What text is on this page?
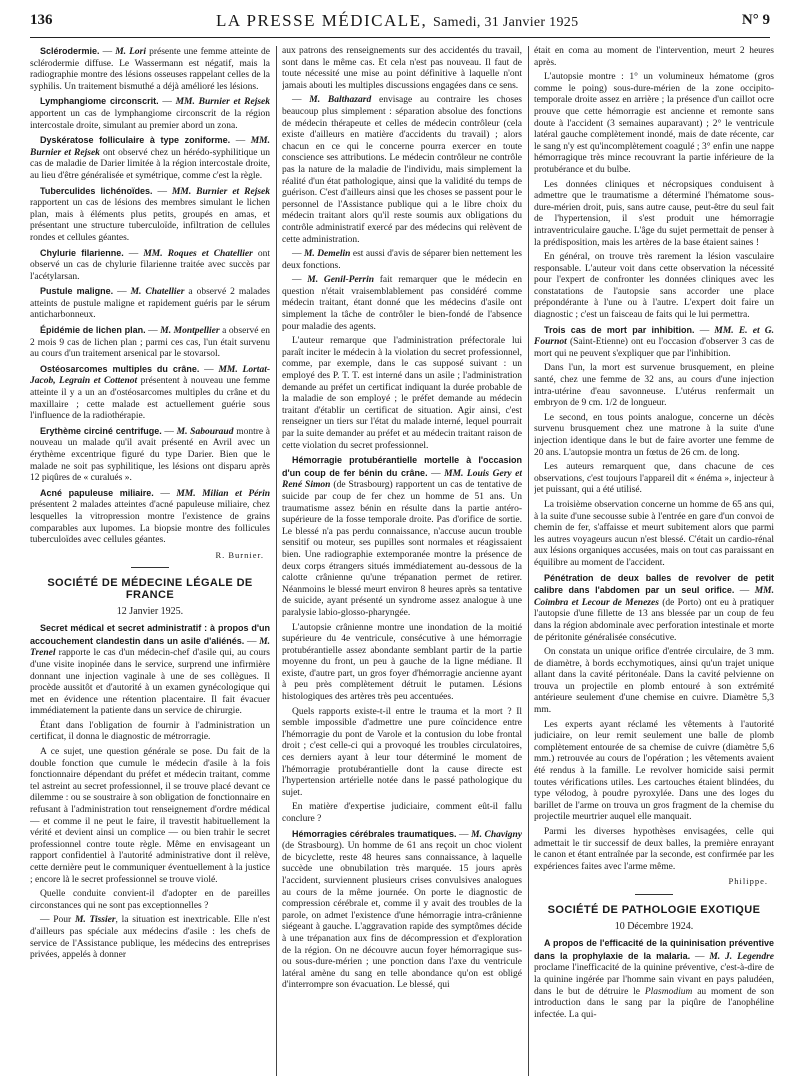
136	LA PRESSE MÉDICALE, Samedi, 31 Janvier 1925	N° 9

Sclérodermie. — M. Lori présente une femme atteinte de sclérodermie diffuse. Le Wassermann est négatif, mais la radiographie montre des lésions osseuses rappelant celles de la syphilis. Un traitement bismuthé a déjà amélioré les lésions.

Lymphangiome circonscrit. — MM. Burnier et Rejsek apportent un cas de lymphangiome circonscrit de la région intercostale droite, simulant au premier abord un zona.

Dyskératose folliculaire à type zoniforme. — MM. Burnier et Rejsek ont observé chez un hérédo-syphilitique un cas de maladie de Darier limitée à la région intercostale droite, au lieu d'être généralisée et symétrique, comme c'est la règle.

Tuberculides lichénoïdes. — MM. Burnier et Rejsek rapportent un cas de lésions des membres simulant le lichen plan, mais à éléments plus petits, groupés en amas, et présentant une structure tuberculoïde, infiltration de cellules rondes et cellules géantes.

Chylurie filarienne. — MM. Roques et Chatellier ont observé un cas de chylurie filarienne traitée avec succès par l'acétylarsan.

Pustule maligne. — M. Chatellier a observé 2 malades atteints de pustule maligne et rapidement guéris par le sérum anticharbonneux.

Épidémie de lichen plan. — M. Montpellier a observé en 2 mois 9 cas de lichen plan ; parmi ces cas, l'un était survenu au cours d'un traitement arsenical par le stovarsol.

Ostéosarcomes multiples du crâne. — MM. Lortat-Jacob, Legrain et Cottenot présentent à nouveau une femme atteinte il y a un an d'ostéosarcomes multiples du crâne et du maxillaire ; cette malade est actuellement guérie sous l'influence de la radiothérapie.

Erythème circiné centrifuge. — M. Sabouraud montre à nouveau un malade qu'il avait présenté en Avril avec un érythème excentrique figuré du type Darier. Bien que le malade ne soit pas syphilitique, les lésions ont disparu après 12 piqûres de « curalués ».

Acné papuleuse miliaire. — MM. Milian et Périn présentent 2 malades atteintes d'acné papuleuse miliaire, chez lesquelles la vitropression montre l'existence de grains comparables aux lupomes. La biopsie montre des follicules tuberculoïdes avec cellules géantes.

R. Burnier.
SOCIÉTÉ DE MÉDECINE LÉGALE DE FRANCE
12 Janvier 1925.

Secret médical et secret administratif : à propos d'un accouchement clandestin dans un asile d'aliénés. — M. Trenel rapporte le cas d'un médecin-chef d'asile qui, au cours d'une visite inopinée dans le service, surprend une infirmière donnant une injection vaginale à une de ses collègues. Il procède aussitôt et d'autorité à un examen gynécologique qui met en évidence une rétention placentaire. Il fait évacuer immédiatement la patiente dans un service de chirurgie.

Étant dans l'obligation de fournir à l'administration un certificat, il donna le diagnostic de métrorragie.

A ce sujet, une question générale se pose. Du fait de la double fonction que cumule le médecin d'asile à la fois fonctionnaire dépendant du préfet et médecin traitant, comme tel astreint au secret professionnel, il se trouve placé devant ce dilemme : ou se soustraire à son obligation de fonctionnaire en refusant à l'administration tout renseignement d'ordre médical — et comme il ne peut le faire, il travestit habituellement la vérité et devient ainsi un complice — ou bien trahir le secret professionnel contre toute règle. Même en envisageant un rapport confidentiel à l'autorité administrative dont il relève, cette dernière peut le communiquer éventuellement à la justice ; encore là le secret professionnel se trouve violé.

Quelle conduite convient-il d'adopter en de pareilles circonstances qui ne sont pas exceptionnelles ?

— Pour M. Tissier, la situation est inextricable. Elle n'est d'ailleurs pas spéciale aux médecins d'asile : les chefs de service de l'Assistance publique, les médecins des entreprises privées, appelés à donner

aux patrons des renseignements sur des accidentés du travail, sont dans le même cas. Et cela n'est pas nouveau. Il faut de toute nécessité une mise au point définitive à laquelle n'ont jamais abouti les multiples discussions engagées dans ce sens.

— M. Balthazard envisage au contraire les choses beaucoup plus simplement : séparation absolue des fonctions de médecin thérapeute et celles de médecin contrôleur (cela existe d'ailleurs en matière d'accidents du travail) ; alors chacun en ce qui le concerne pourra exercer en toute conscience ses attributions. Le médecin contrôleur ne contrôle pas la nature de la maladie de l'individu, mais simplement la réalité d'un état pathologique, ainsi que la validité du temps de guérison. C'est d'ailleurs ainsi que les choses se passent pour le personnel de l'Assistance publique qui a le libre choix du médecin traitant alors qu'il reste soumis aux obligations du contrôle administratif exercé par des médecins qui relèvent de cette administration.

— M. Demelin est aussi d'avis de séparer bien nettement les deux fonctions.

— M. Genil-Perrin fait remarquer que le médecin en question n'était vraisemblablement pas considéré comme médecin traitant, étant donné que les médecins d'asile ont simplement la tâche de contrôler le bien-fondé de l'absence pour maladie des agents.

L'auteur remarque que l'administration préfectorale lui paraît inciter le médecin à la violation du secret professionnel, comme, par exemple, dans le cas supposé suivant : un employé des P. T. T. est interné dans un asile ; l'administration demande au préfet un certificat indiquant la durée probable de la maladie de son employé ; le préfet demande au médecin traitant d'établir un certificat de situation. Agir ainsi, c'est renseigner un tiers sur l'état du malade interné, lequel pourrait par la suite demander au préfet et au médecin traitant raison de cette violation du secret professionnel.

Hémorragie protubérantielle mortelle à l'occasion d'un coup de fer bénin du crâne. — MM. Louis Gery et René Simon (de Strasbourg) rapportent un cas de tentative de suicide par coup de fer chez un homme de 51 ans. Un traumatisme assez bénin en résulte dans la partie antéro-supérieure de la fosse temporale droite. Pas d'orifice de sortie. Le blessé n'a pas perdu connaissance, n'accuse aucun trouble sensitif ou moteur, ses pupilles sont normales et réagissaient bien. Une radiographie extemporanée montre la présence de deux corps étrangers situés immédiatement au-dessous de la calotte crânienne qu'une trépanation permet de retirer. Néanmoins le blessé meurt environ 8 heures après sa tentative de suicide, ayant présenté un syndrome assez analogue à une paralysie labio-glosso-pharyngée.

L'autopsie crânienne montre une inondation de la moitié supérieure du 4e ventricule, consécutive à une hémorragie protubérantielle assez abondante semblant partir de la partie moyenne du front, un peu à gauche de la ligne médiane. Il existe, d'autre part, un gros foyer d'hémorragie ancienne ayant à peu près complètement détruit le putamen. Lésions histologiques des artères très peu accentuées.

Quels rapports existe-t-il entre le trauma et la mort ? Il semble impossible d'admettre une pure coïncidence entre l'hémorragie du pont de Varole et la contusion du lobe frontal droit ; c'est celle-ci qui a provoqué les troubles circulatoires, ces derniers ayant à leur tour déterminé le moment de l'hémorragie protubérantielle dont la cause directe est l'hypertension artérielle notée dans le passé pathologique du sujet.

En matière d'expertise judiciaire, comment eût-il fallu conclure ?

Hémorragies cérébrales traumatiques. — M. Chavigny (de Strasbourg). Un homme de 61 ans reçoit un choc violent de bicyclette, reste 48 heures sans connaissance, à laquelle succède une obnubilation très marquée. 15 jours après l'accident, surviennent plusieurs crises convulsives analogues au cours de la même journée. On porte le diagnostic de compression cérébrale et, comme il y avait des troubles de la parole, on admet l'existence d'une hémorragie intra-crânienne siégeant à gauche. L'aggravation rapide des symptômes décide à une trépanation aux fins de décompression et d'exploration de la région. On ne découvre aucun foyer hémorragique sus- ou sous-dure-mérien ; une ponction dans l'axe du ventricule latéral amène du sang en telle abondance qu'on est obligé d'interrompre son évacuation. Le blessé, qui

était en coma au moment de l'intervention, meurt 2 heures après.

L'autopsie montre : 1° un volumineux hématome (gros comme le poing) sous-dure-mérien de la zone occipito-temporale droite assez en arrière ; la présence d'un caillot ocre prouve que cette hémorragie est ancienne et remonte sans doute à l'accident (3 semaines auparavant) ; 2° le ventricule latéral gauche complètement inondé, mais de date récente, car le sang n'y est qu'incomplètement coagulé ; 3° enfin une nappe hémorragique très mince recouvrant la partie inférieure de la protubérance et du bulbe.

Les données cliniques et nécropsiques conduisent à admettre que le traumatisme a déterminé l'hématome sous-dure-mérien droit, puis, sans autre cause, peut-être du seul fait de l'hypertension, il s'est produit une hémorragie intraventriculaire gauche. L'âge du sujet permettait de penser à la prédisposition, mais les artères de la base étaient saines !

En général, on trouve très rarement la lésion vasculaire responsable. L'auteur voit dans cette observation la nécessité pour l'expert de confronter les données cliniques avec les constatations de l'autopsie sans accorder une place prépondérante à l'une ou à l'autre. L'expert doit faire un diagnostic ; c'est un faisceau de faits qui le lui permettra.

Trois cas de mort par inhibition. — MM. E. et G. Fournot (Saint-Etienne) ont eu l'occasion d'observer 3 cas de mort qui ne peuvent s'expliquer que par l'inhibition.

Dans l'un, la mort est survenue brusquement, en pleine santé, chez une femme de 32 ans, au cours d'une injection intra-utérine d'eau savonneuse. L'utérus renfermait un embryon de 9 cm. 1/2 de longueur.

Le second, en tous points analogue, concerne un décès survenu brusquement chez une matrone à la suite d'une injection identique dans le but de faire avorter une femme de 20 ans. L'autopsie montra un fœtus de 26 cm. de long.

Les auteurs remarquent que, dans chacune de ces observations, c'est toujours l'appareil dit « énéma », injecteur à jet puissant, qui a été utilisé.

La troisième observation concerne un homme de 65 ans qui, à la suite d'une secousse subie à l'entrée en gare d'un convoi de chemin de fer, s'affaisse et meurt subitement alors que parmi les autres voyageurs aucun n'est blessé. C'était un cardio-rénal aux lésions organiques accusées, mais on tout cas paraissant en équilibre au moment de l'accident.

Pénétration de deux balles de revolver de petit calibre dans l'abdomen par un seul orifice. — MM. Coimbra et Lecour de Menezes (de Porto) ont eu à pratiquer l'autopsie d'une fillette de 13 ans blessée par un coup de feu dans la région abdominale avec perforation intestinale et morte de péritonite généralisée consécutive.

On constata un unique orifice d'entrée circulaire, de 3 mm. de diamètre, à bords ecchymotiques, ainsi qu'un trajet unique allant dans la cavité péritonéale. Dans la cavité pelvienne on trouva un projectile en plomb entouré à son extrémité antérieure seulement d'une chemise en cuivre. Diamètre 5,3 mm.

Les experts ayant réclamé les vêtements à l'autorité judiciaire, on leur remit seulement une balle de plomb complètement entourée de sa chemise de cuivre (diamètre 5,6 mm.) retrouvée au cours de l'opération ; les vêtements avaient été rendus à la famille. Le revolver homicide saisi permit toutes vérifications utiles. Les cartouches étaient blindées, du type vélodog, à poudre pyroxylée. Dans une des loges du barillet de l'arme on trouva un gros fragment de la chemise du projectile meurtrier auquel elle manquait.

Parmi les diverses hypothèses envisagées, celle qui admettait le tir successif de deux balles, la première enrayant le canon et étant entraînée par la seconde, est confirmée par les expériences faites avec l'arme même.

Philippe.
SOCIÉTÉ DE PATHOLOGIE EXOTIQUE
10 Décembre 1924.

A propos de l'efficacité de la quininisation préventive dans la prophylaxie de la malaria. — M. J. Legendre proclame l'inefficacité de la quinine préventive, c'est-à-dire de la quinine ingérée par l'homme sain vivant en pays paludéen, dans le but de détruire le Plasmodium au moment de son introduction dans le sang par la piqûre de l'anophéline infectée. La qui-
